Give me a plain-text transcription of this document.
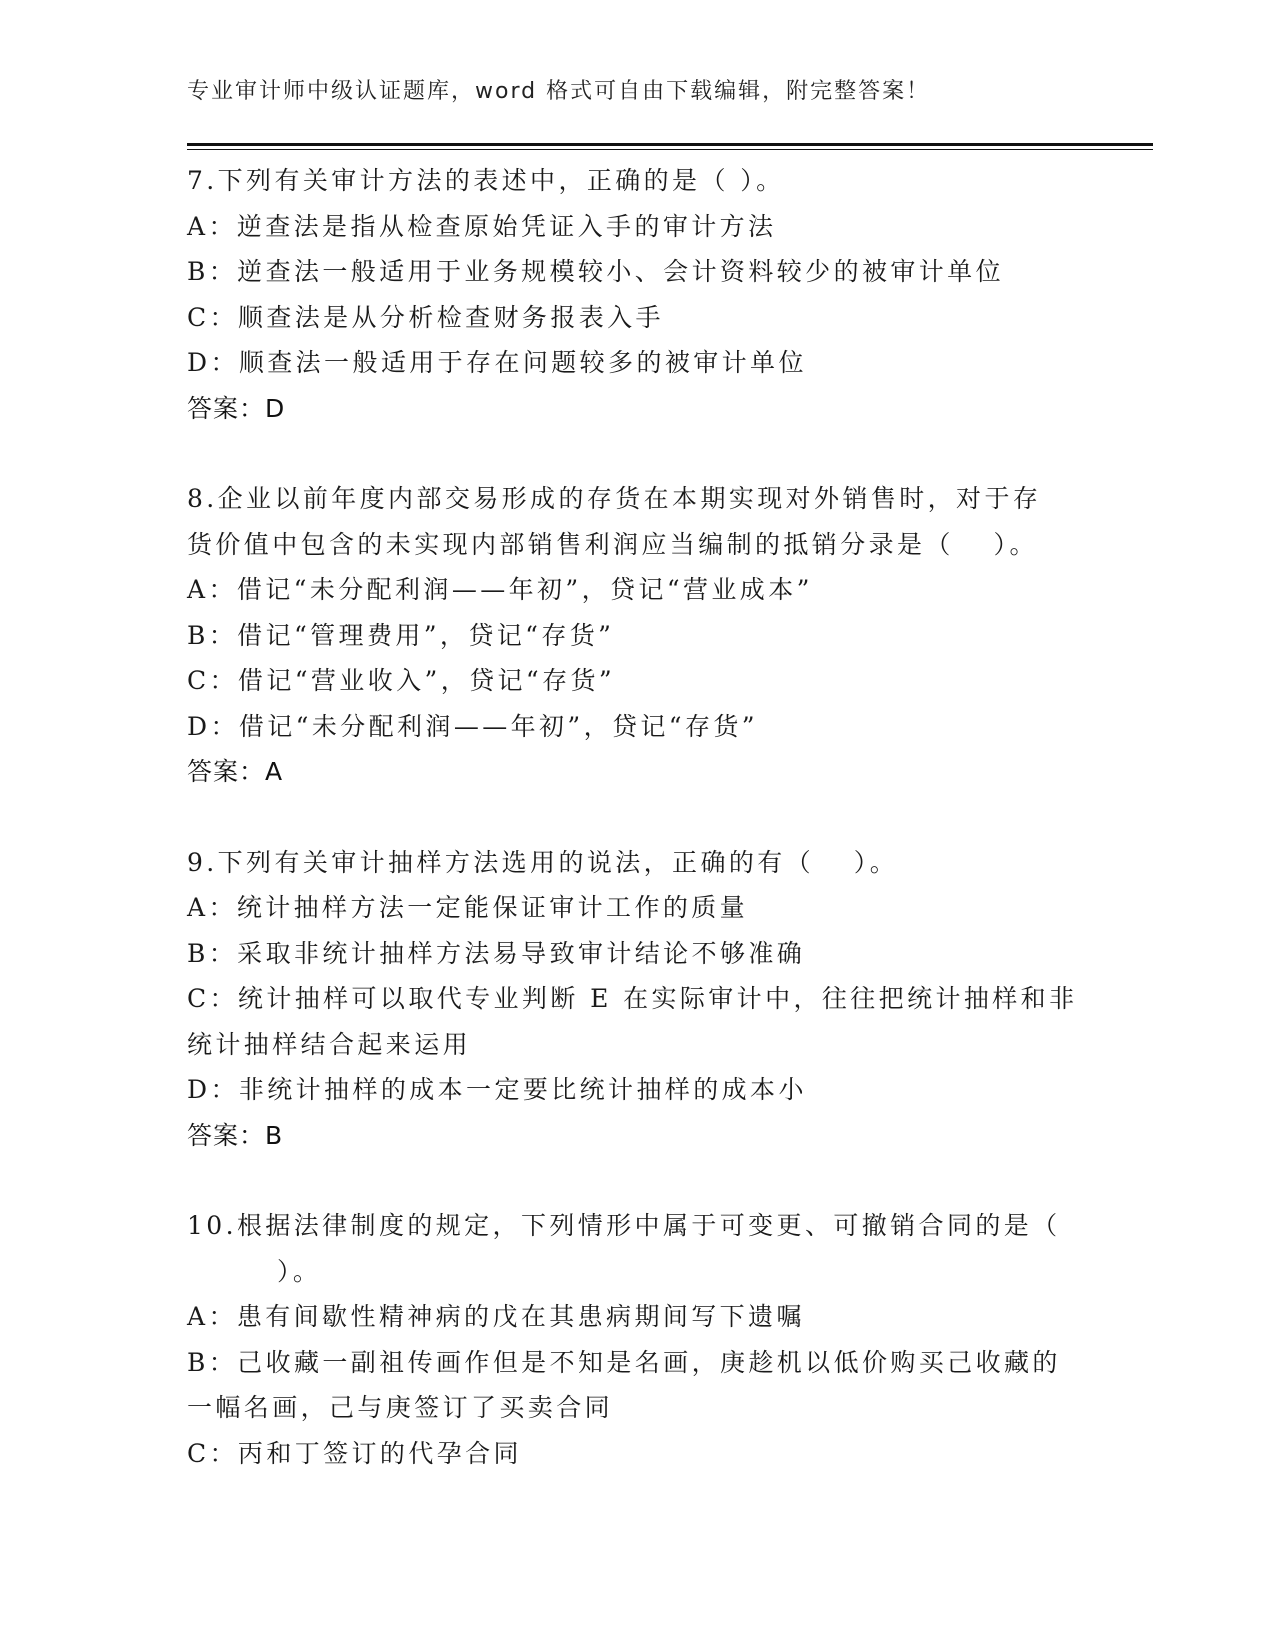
专业审计师中级认证题库，word 格式可自由下载编辑，附完整答案！
7.下列有关审计方法的表述中，正确的是（ ）。
A：逆查法是指从检查原始凭证入手的审计方法
B：逆查法一般适用于业务规模较小、会计资料较少的被审计单位
C：顺查法是从分析检查财务报表入手
D：顺查法一般适用于存在问题较多的被审计单位
答案：D
8.企业以前年度内部交易形成的存货在本期实现对外销售时，对于存
货价值中包含的未实现内部销售利润应当编制的抵销分录是（　 ）。
A：借记“未分配利润——年初”，贷记“营业成本”
B：借记“管理费用”，贷记“存货”
C：借记“营业收入”，贷记“存货”
D：借记“未分配利润——年初”，贷记“存货”
答案：A
9.下列有关审计抽样方法选用的说法，正确的有（　 ）。
A：统计抽样方法一定能保证审计工作的质量
B：采取非统计抽样方法易导致审计结论不够准确
C：统计抽样可以取代专业判断 E 在实际审计中，往往把统计抽样和非
统计抽样结合起来运用
D：非统计抽样的成本一定要比统计抽样的成本小
答案：B
10.根据法律制度的规定，下列情形中属于可变更、可撤销合同的是（
）。
A：患有间歇性精神病的戊在其患病期间写下遗嘱
B：己收藏一副祖传画作但是不知是名画，庚趁机以低价购买己收藏的
一幅名画，己与庚签订了买卖合同
C：丙和丁签订的代孕合同
